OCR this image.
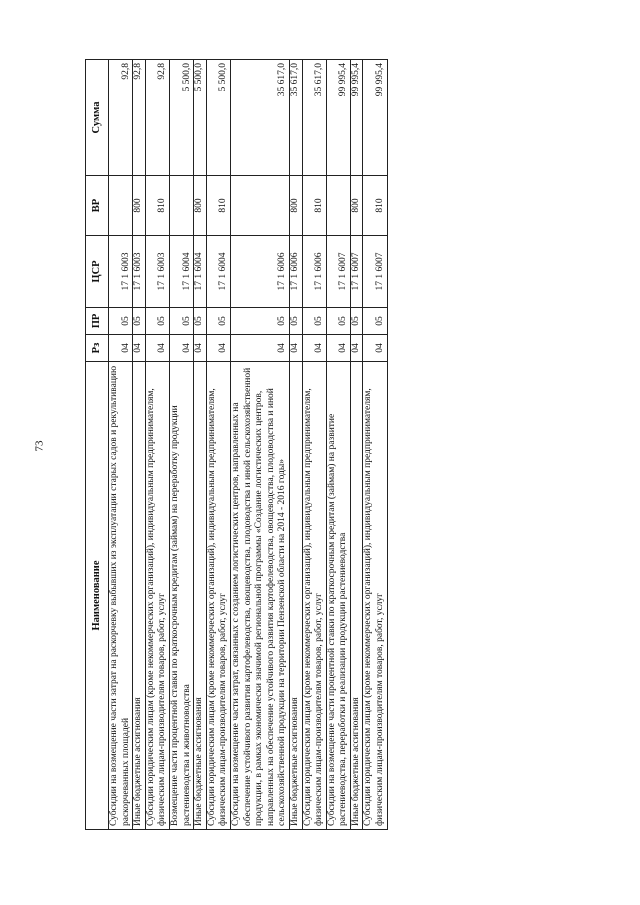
73
Наименование	Рз	ПР	ЦСР	ВР	Сумма
Субсидии на возмещение части затрат на раскорчевку выбывших из эксплуатации старых садов и рекультивацию раскорчеванных площадей	04	05	17 1 6003		92,8
Иные бюджетные ассигнования	04	05	17 1 6003	800	92,8
Субсидии юридическим лицам (кроме некоммерческих организаций), индивидуальным предпринимателям, физическим лицам-производителям товаров, работ, услуг	04	05	17 1 6003	810	92,8
Возмещение части процентной ставки по краткосрочным кредитам (займам) на переработку продукции растениеводства и животноводства	04	05	17 1 6004		5 500,0
Иные бюджетные ассигнования	04	05	17 1 6004	800	5 500,0
Субсидии юридическим лицам (кроме некоммерческих организаций), индивидуальным предпринимателям, физическим лицам-производителям товаров, работ, услуг	04	05	17 1 6004	810	5 500,0
Субсидии на возмещение части затрат, связанных с созданием логистических центров, направленных на обеспечение устойчивого развития картофелеводства, овощеводства, плодоводства и иной сельскохозяйственной продукции, в рамках экономически значимой региональной программы «Создание логистических центров, направленных на обеспечение устойчивого развития картофелеводства, овощеводства, плодоводства и иной сельскохозяйственной продукции на территории Пензенской области на 2014 - 2016 годы»	04	05	17 1 6006		35 617,0
Иные бюджетные ассигнования	04	05	17 1 6006	800	35 617,0
Субсидии юридическим лицам (кроме некоммерческих организаций), индивидуальным предпринимателям, физическим лицам-производителям товаров, работ, услуг	04	05	17 1 6006	810	35 617,0
Субсидии на возмещение части процентной ставки по краткосрочным кредитам (займам) на развитие растениеводства, переработки и реализации продукции растениеводства	04	05	17 1 6007		99 995,4
Иные бюджетные ассигнования	04	05	17 1 6007	800	99 995,4
Субсидии юридическим лицам (кроме некоммерческих организаций), индивидуальным предпринимателям, физическим лицам-производителям товаров, работ, услуг	04	05	17 1 6007	810	99 995,4
